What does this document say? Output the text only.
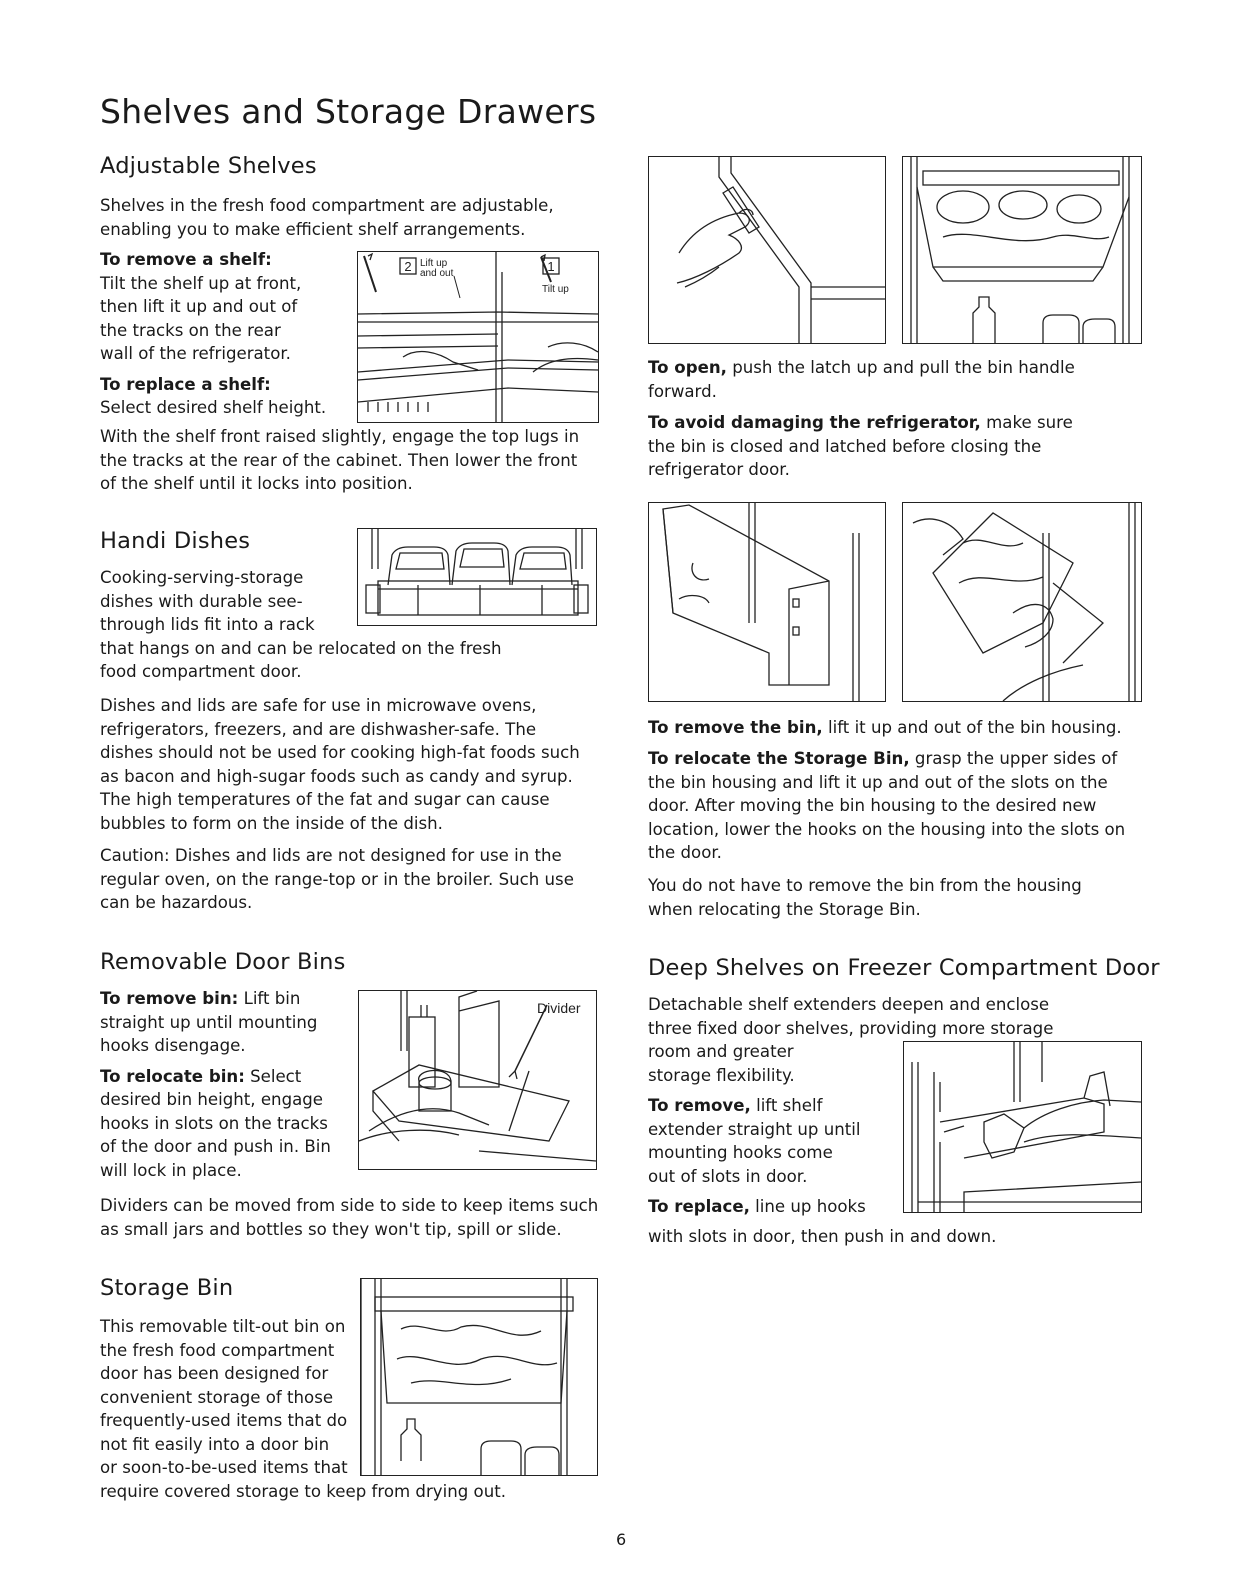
Shelves and Storage Drawers
Adjustable Shelves
Shelves in the fresh food compartment are adjustable,
enabling you to make efficient shelf arrangements.
To remove a shelf:
Tilt the shelf up at front,
then lift it up and out of
the tracks on the rear
wall of the refrigerator.
To replace a shelf:
Select desired shelf height.
With the shelf front raised slightly, engage the top lugs in
the tracks at the rear of the cabinet. Then lower the front
of the shelf until it locks into position.
2 Lift up
and out	1
Tilt up
Handi Dishes
Cooking-serving-storage
dishes with durable see-
through lids fit into a rack
that hangs on and can be relocated on the fresh
food compartment door.
Dishes and lids are safe for use in microwave ovens,
refrigerators, freezers, and are dishwasher-safe. The
dishes should not be used for cooking high-fat foods such
as bacon and high-sugar foods such as candy and syrup.
The high temperatures of the fat and sugar can cause
bubbles to form on the inside of the dish.
Caution: Dishes and lids are not designed for use in the
regular oven, on the range-top or in the broiler. Such use
can be hazardous.
Removable Door Bins
To remove bin: Lift bin
straight up until mounting
hooks disengage.
To relocate bin: Select
desired bin height, engage
hooks in slots on the tracks
of the door and push in. Bin
will lock in place.
Dividers can be moved from side to side to keep items such
as small jars and bottles so they won't tip, spill or slide.
Divider
Storage Bin
This removable tilt-out bin on
the fresh food compartment
door has been designed for
convenient storage of those
frequently-used items that do
not fit easily into a door bin
or soon-to-be-used items that
require covered storage to keep from drying out.
To open, push the latch up and pull the bin handle
forward.
To avoid damaging the refrigerator, make sure
the bin is closed and latched before closing the
refrigerator door.
To remove the bin, lift it up and out of the bin housing.
To relocate the Storage Bin, grasp the upper sides of
the bin housing and lift it up and out of the slots on the
door. After moving the bin housing to the desired new
location, lower the hooks on the housing into the slots on
the door.
You do not have to remove the bin from the housing
when relocating the Storage Bin.
Deep Shelves on Freezer Compartment Door
Detachable shelf extenders deepen and enclose
three fixed door shelves, providing more storage
room and greater
storage flexibility.
To remove, lift shelf
extender straight up until
mounting hooks come
out of slots in door.
To replace, line up hooks
with slots in door, then push in and down.
6
